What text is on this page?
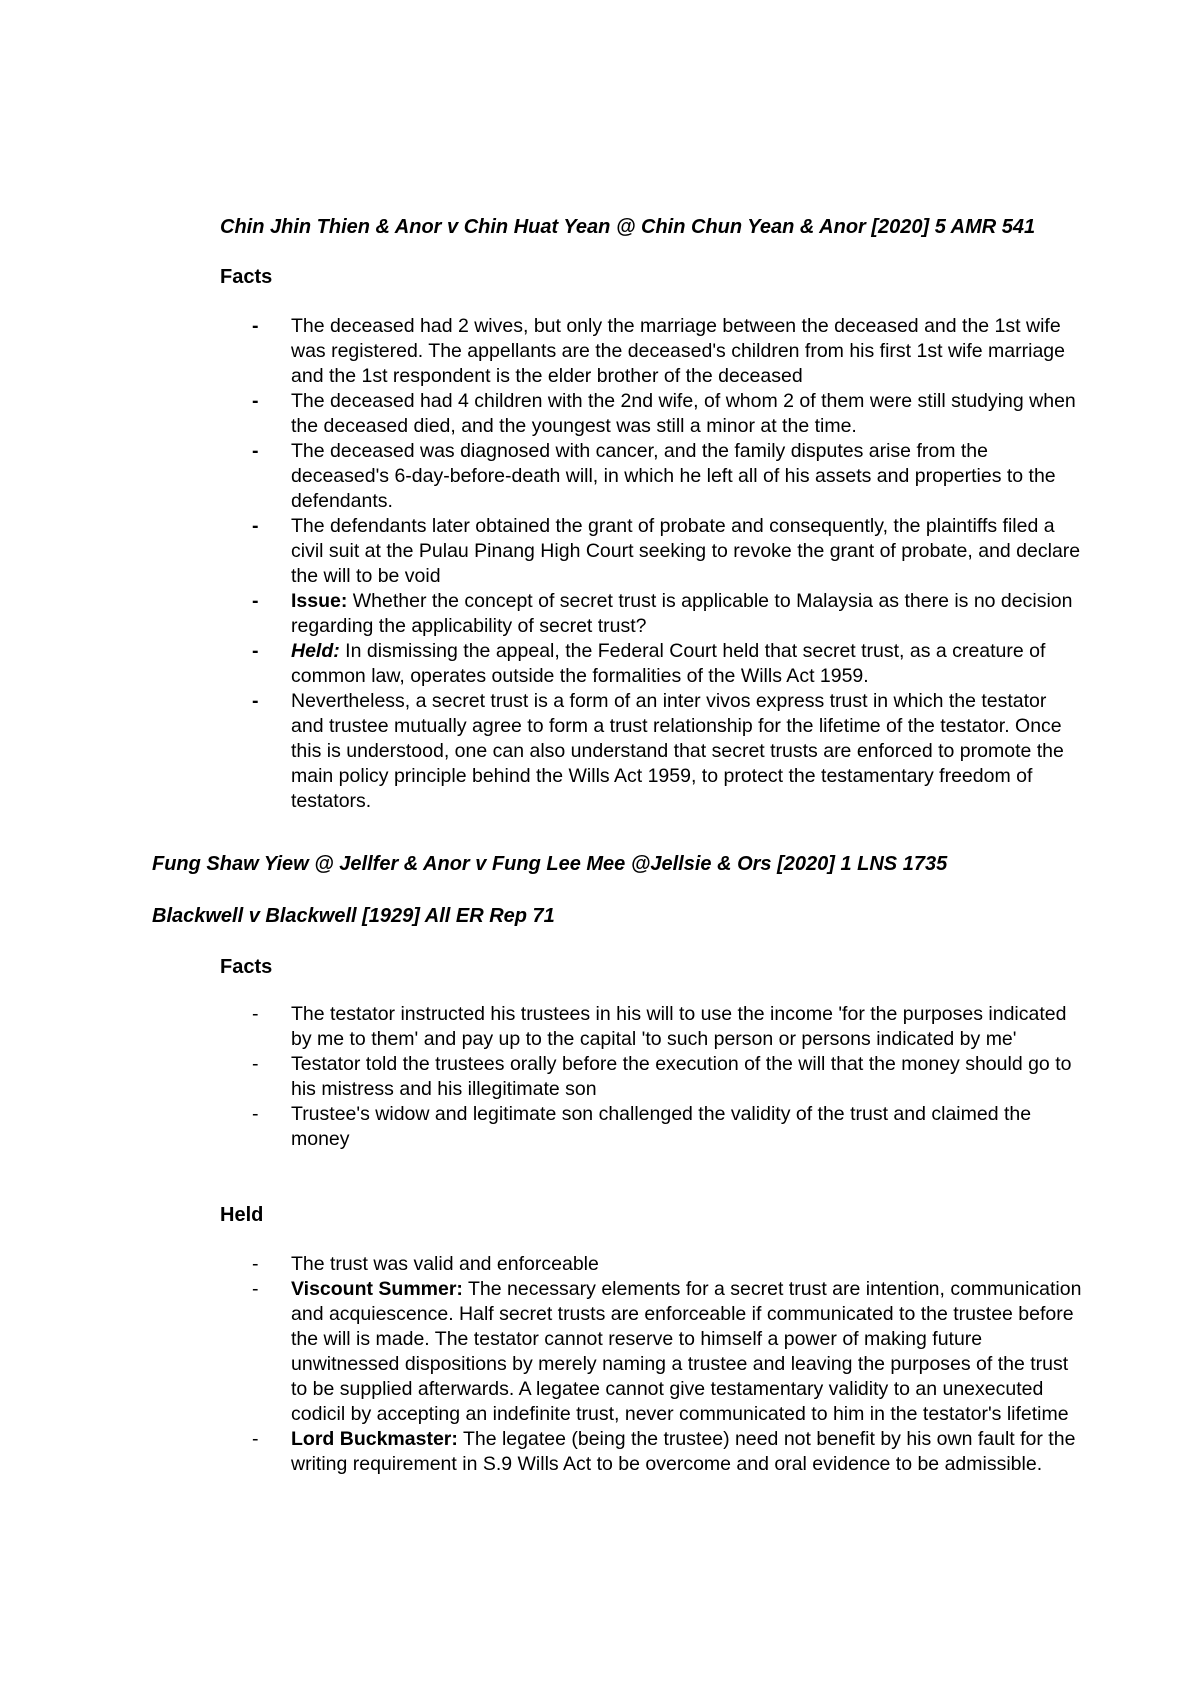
Chin Jhin Thien & Anor v Chin Huat Yean @ Chin Chun Yean & Anor [2020] 5 AMR 541

Facts

-	The deceased had 2 wives, but only the marriage between the deceased and the 1st wife was registered. The appellants are the deceased's children from his first 1st wife marriage and the 1st respondent is the elder brother of the deceased
-	The deceased had 4 children with the 2nd wife, of whom 2 of them were still studying when the deceased died, and the youngest was still a minor at the time.
-	The deceased was diagnosed with cancer, and the family disputes arise from the deceased's 6-day-before-death will, in which he left all of his assets and properties to the defendants.
-	The defendants later obtained the grant of probate and consequently, the plaintiffs filed a civil suit at the Pulau Pinang High Court seeking to revoke the grant of probate, and declare the will to be void
-	Issue: Whether the concept of secret trust is applicable to Malaysia as there is no decision regarding the applicability of secret trust?
-	Held: In dismissing the appeal, the Federal Court held that secret trust, as a creature of common law, operates outside the formalities of the Wills Act 1959.
-	Nevertheless, a secret trust is a form of an inter vivos express trust in which the testator and trustee mutually agree to form a trust relationship for the lifetime of the testator. Once this is understood, one can also understand that secret trusts are enforced to promote the main policy principle behind the Wills Act 1959, to protect the testamentary freedom of testators.

Fung Shaw Yiew @ Jellfer & Anor v Fung Lee Mee @Jellsie & Ors [2020] 1 LNS 1735

Blackwell v Blackwell [1929] All ER Rep 71

Facts

-	The testator instructed his trustees in his will to use the income 'for the purposes indicated by me to them' and pay up to the capital 'to such person or persons indicated by me'
-	Testator told the trustees orally before the execution of the will that the money should go to his mistress and his illegitimate son
-	Trustee's widow and legitimate son challenged the validity of the trust and claimed the money

Held

-	The trust was valid and enforceable
-	Viscount Summer: The necessary elements for a secret trust are intention, communication and acquiescence. Half secret trusts are enforceable if communicated to the trustee before the will is made. The testator cannot reserve to himself a power of making future unwitnessed dispositions by merely naming a trustee and leaving the purposes of the trust to be supplied afterwards. A legatee cannot give testamentary validity to an unexecuted codicil by accepting an indefinite trust, never communicated to him in the testator's lifetime
-	Lord Buckmaster: The legatee (being the trustee) need not benefit by his own fault for the writing requirement in S.9 Wills Act to be overcome and oral evidence to be admissible.
